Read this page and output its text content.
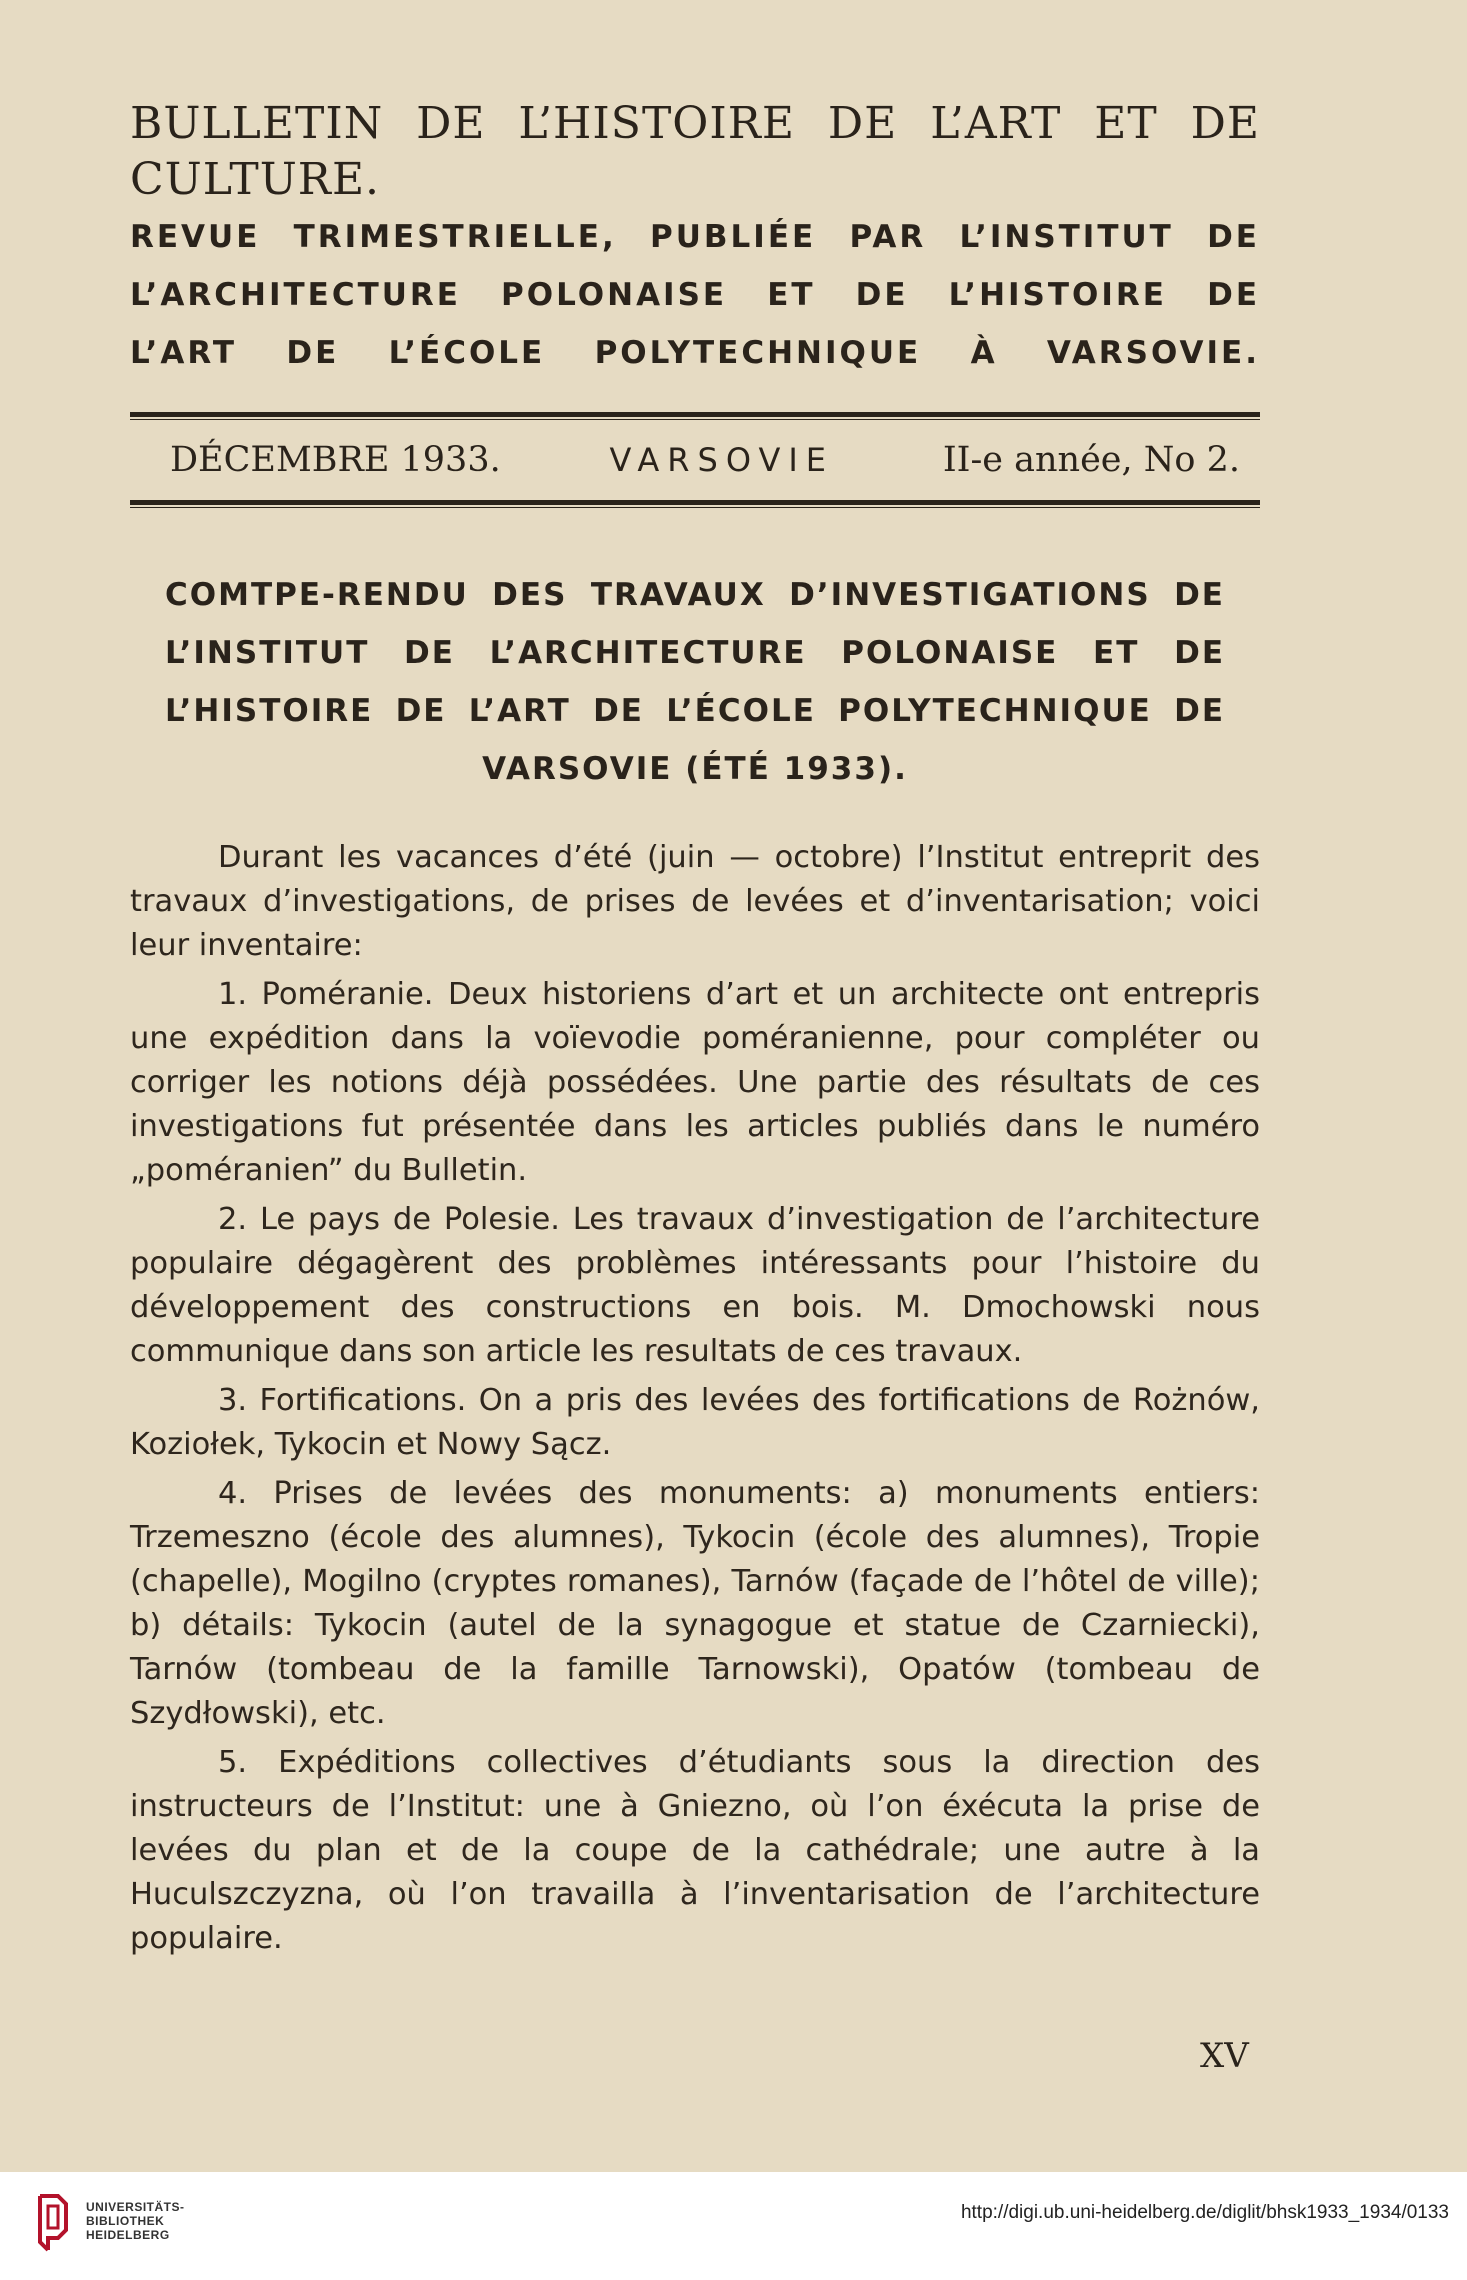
BULLETIN DE L’HISTOIRE DE L’ART ET DE CULTURE.

REVUE TRIMESTRIELLE, PUBLIÉE PAR L’INSTITUT DE

L’ARCHITECTURE POLONAISE ET DE L’HISTOIRE DE

L’ART DE L’ÉCOLE POLYTECHNIQUE À VARSOVIE.

DÉCEMBRE 1933.	VARSOVIE	II-e année, No 2.
COMTPE-RENDU DES TRAVAUX D’INVESTIGATIONS DE
L’INSTITUT DE L’ARCHITECTURE POLONAISE ET DE
L’HISTOIRE DE L’ART DE L’ÉCOLE POLYTECHNIQUE DE
VARSOVIE (ÉTÉ 1933).

Durant les vacances d’été (juin — octobre) l’Institut entreprit des travaux d’investigations, de prises de levées et d’inventarisation; voici leur inventaire:

1. Poméranie. Deux historiens d’art et un architecte ont entrepris une expédition dans la voïevodie poméranienne, pour compléter ou corriger les notions déjà possédées. Une partie des résultats de ces investigations fut présentée dans les articles publiés dans le numéro „poméranien” du Bulletin.

2. Le pays de Polesie. Les travaux d’investigation de l’architecture populaire dégagèrent des problèmes intéressants pour l’histoire du développement des constructions en bois. M. Dmochowski nous communique dans son article les resultats de ces travaux.

3. Fortifications. On a pris des levées des fortifications de Rożnów, Koziołek, Tykocin et Nowy Sącz.

4. Prises de levées des monuments: a) monuments entiers: Trzemeszno (école des alumnes), Tykocin (école des alumnes), Tropie (chapelle), Mogilno (cryptes romanes), Tarnów (façade de l’hôtel de ville); b) détails: Tykocin (autel de la synagogue et statue de Czarniecki), Tarnów (tombeau de la famille Tarnowski), Opatów (tombeau de Szydłowski), etc.

5. Expéditions collectives d’étudiants sous la direction des instructeurs de l’Institut: une à Gniezno, où l’on éxécuta la prise de levées du plan et de la coupe de la cathédrale; une autre à la Huculszczyzna, où l’on travailla à l’inventarisation de l’architecture populaire.

XV
UNIVERSITÄTS-
BIBLIOTHEK
HEIDELBERG
http://digi.ub.uni-heidelberg.de/diglit/bhsk1933_1934/0133
